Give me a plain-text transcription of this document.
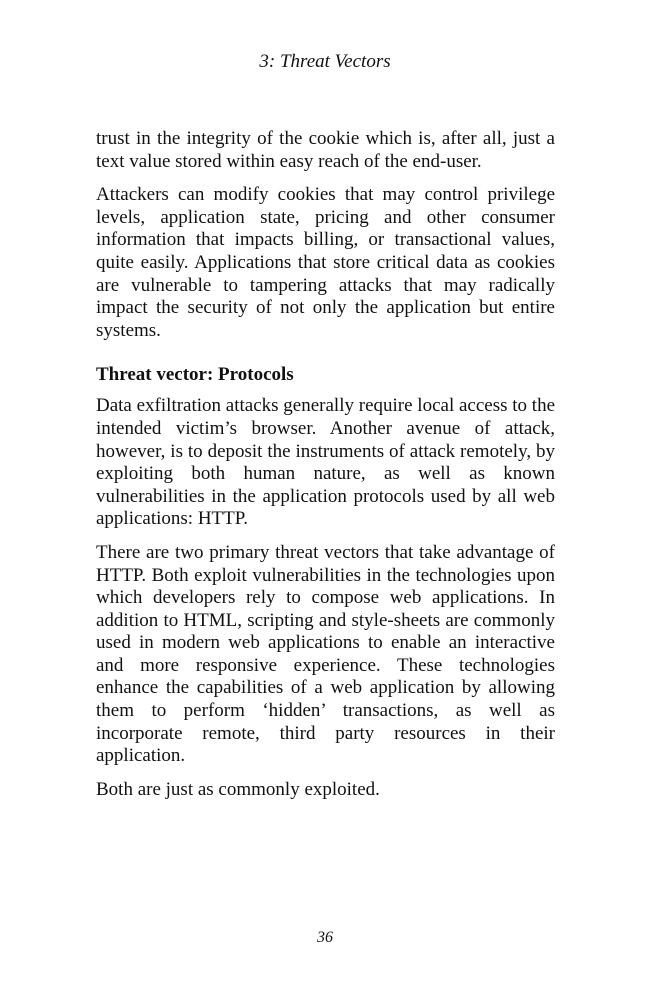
3: Threat Vectors

trust in the integrity of the cookie which is, after all, just a text value stored within easy reach of the end-user.

Attackers can modify cookies that may control privilege levels, application state, pricing and other consumer information that impacts billing, or transactional values, quite easily. Applications that store critical data as cookies are vulnerable to tampering attacks that may radically impact the security of not only the application but entire systems.

Threat vector: Protocols

Data exfiltration attacks generally require local access to the intended victim’s browser. Another avenue of attack, however, is to deposit the instruments of attack remotely, by exploiting both human nature, as well as known vulnerabilities in the application protocols used by all web applications: HTTP.

There are two primary threat vectors that take advantage of HTTP. Both exploit vulnerabilities in the technologies upon which developers rely to compose web applications. In addition to HTML, scripting and style-sheets are commonly used in modern web applications to enable an interactive and more responsive experience. These technologies enhance the capabilities of a web application by allowing them to perform ‘hidden’ transactions, as well as incorporate remote, third party resources in their application.

Both are just as commonly exploited.

36
